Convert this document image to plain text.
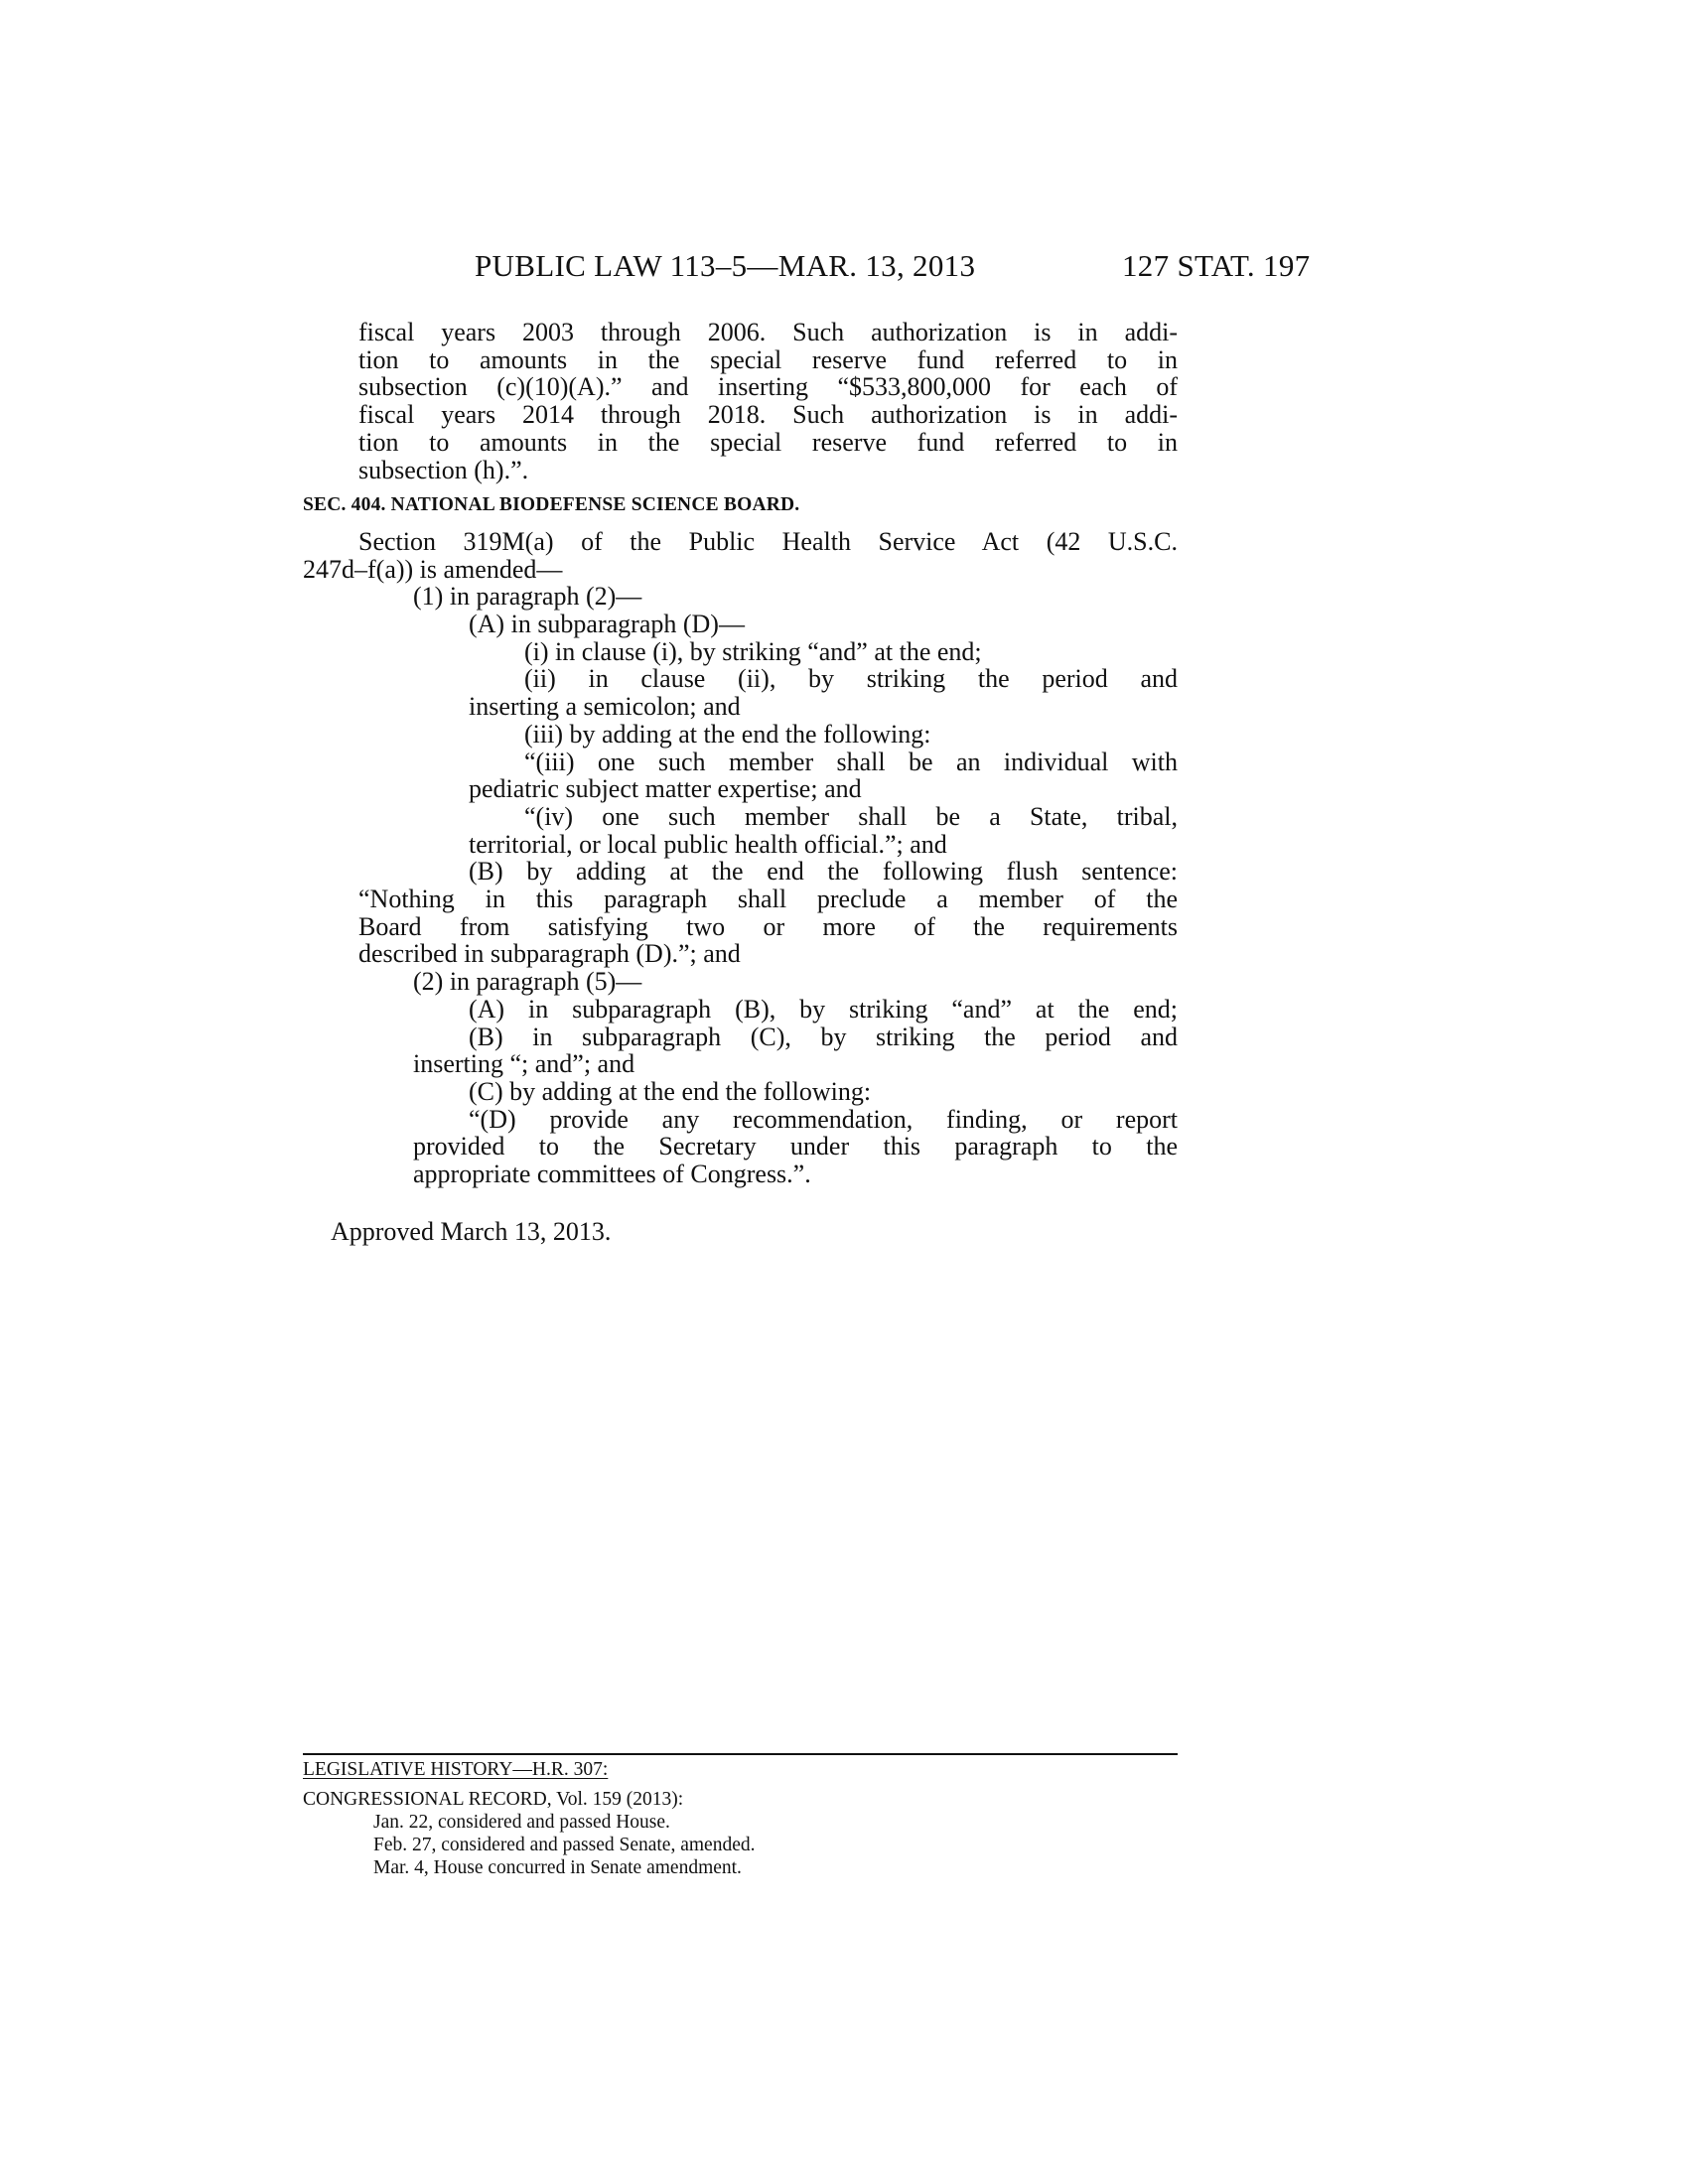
PUBLIC LAW 113–5—MAR. 13, 2013	127 STAT. 197
fiscal years 2003 through 2006. Such authorization is in addi-
tion to amounts in the special reserve fund referred to in
subsection (c)(10)(A).” and inserting “$533,800,000 for each of
fiscal years 2014 through 2018. Such authorization is in addi-
tion to amounts in the special reserve fund referred to in
subsection (h).”.
SEC. 404. NATIONAL BIODEFENSE SCIENCE BOARD.
Section 319M(a) of the Public Health Service Act (42 U.S.C.
247d–f(a)) is amended—
(1) in paragraph (2)—
(A) in subparagraph (D)—
(i) in clause (i), by striking “and” at the end;
(ii) in clause (ii), by striking the period and
inserting a semicolon; and
(iii) by adding at the end the following:
“(iii) one such member shall be an individual with
pediatric subject matter expertise; and
“(iv) one such member shall be a State, tribal,
territorial, or local public health official.”; and
(B) by adding at the end the following flush sentence:
“Nothing in this paragraph shall preclude a member of the
Board from satisfying two or more of the requirements
described in subparagraph (D).”; and
(2) in paragraph (5)—
(A) in subparagraph (B), by striking “and” at the end;
(B) in subparagraph (C), by striking the period and
inserting “; and”; and
(C) by adding at the end the following:
“(D) provide any recommendation, finding, or report
provided to the Secretary under this paragraph to the
appropriate committees of Congress.”.
Approved March 13, 2013.
LEGISLATIVE HISTORY—H.R. 307:
CONGRESSIONAL RECORD, Vol. 159 (2013):
Jan. 22, considered and passed House.
Feb. 27, considered and passed Senate, amended.
Mar. 4, House concurred in Senate amendment.
